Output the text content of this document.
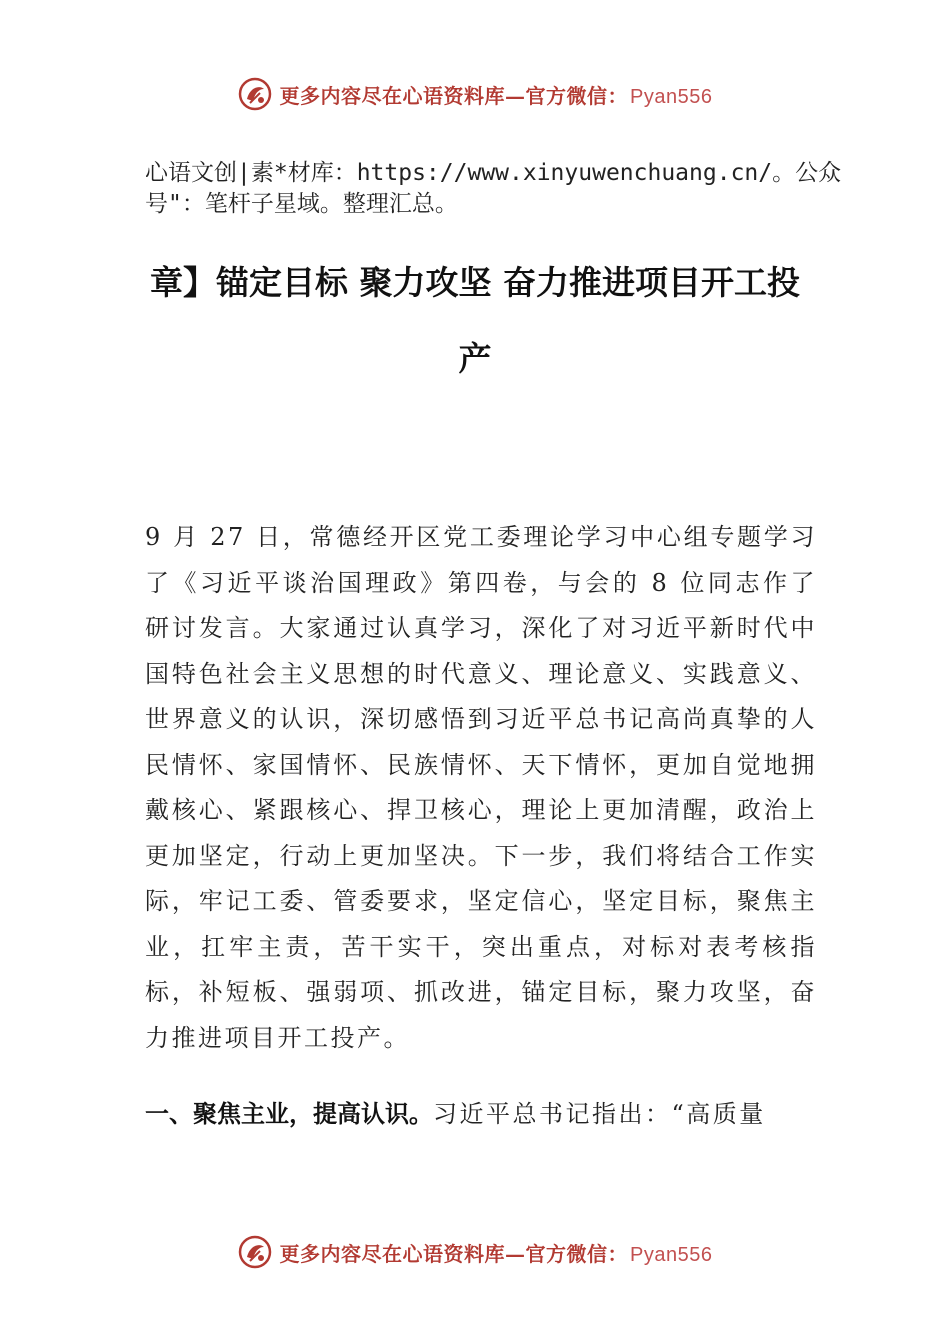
更多内容尽在心语资料库—官方微信： Pyan556

心语文创|素*材库：https://www.xinyuwenchuang.cn/。公众号"：笔杆子星域。整理汇总。

章】锚定目标 聚力攻坚 奋力推进项目开工投产

9 月 27 日，常德经开区党工委理论学习中心组专题学习了《习近平谈治国理政》第四卷，与会的 8 位同志作了研讨发言。大家通过认真学习，深化了对习近平新时代中国特色社会主义思想的时代意义、理论意义、实践意义、世界意义的认识，深切感悟到习近平总书记高尚真挚的人民情怀、家国情怀、民族情怀、天下情怀，更加自觉地拥戴核心、紧跟核心、捍卫核心，理论上更加清醒，政治上更加坚定，行动上更加坚决。下一步，我们将结合工作实际，牢记工委、管委要求，坚定信心，坚定目标，聚焦主业，扛牢主责，苦干实干，突出重点，对标对表考核指标，补短板、强弱项、抓改进，锚定目标，聚力攻坚，奋力推进项目开工投产。

一、聚焦主业，提高认识。习近平总书记指出：“高质量

更多内容尽在心语资料库—官方微信： Pyan556
